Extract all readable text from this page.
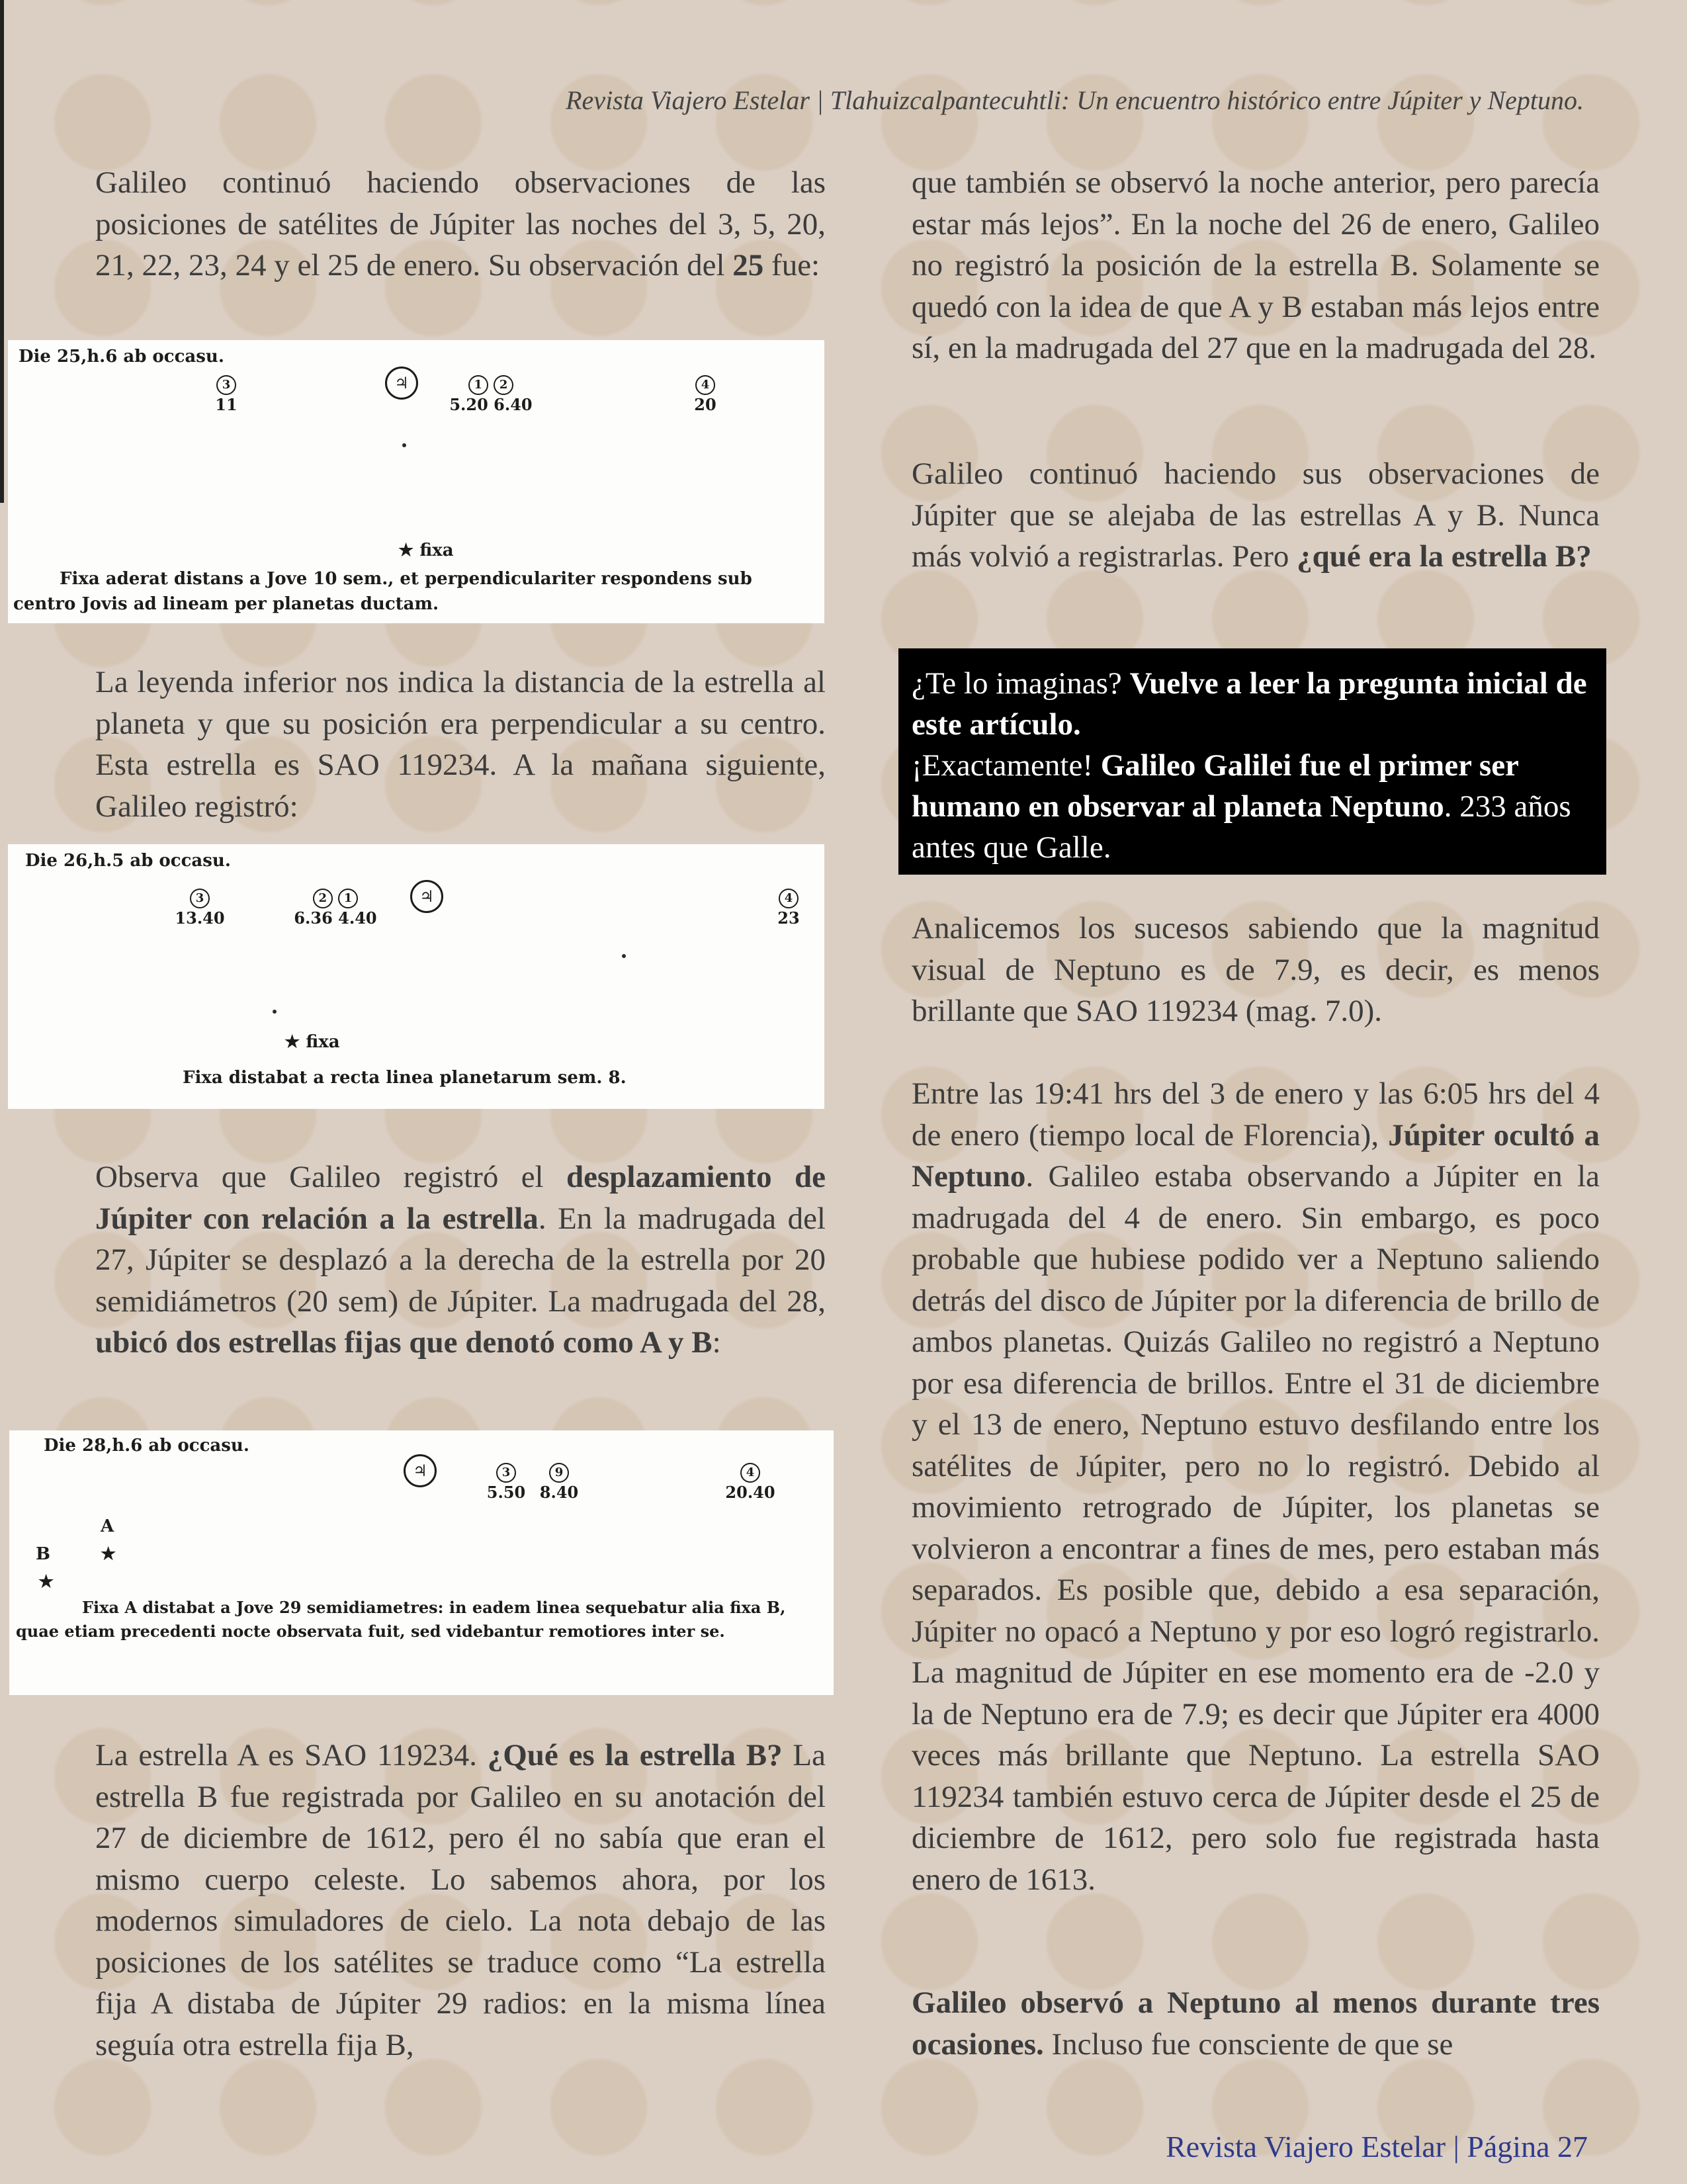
Revista Viajero Estelar | Tlahuizcalpantecuhtli: Un encuentro histórico entre Júpiter y Neptuno.

Galileo continuó haciendo observaciones de las posiciones de satélites de Júpiter las noches del 3, 5, 20, 21, 22, 23, 24 y el 25 de enero. Su observación del 25 fue:

Die 25,h.6 ab occasu.
3
11
♃	1 2
5.20 6.40
4
20
★ fixa
Fixa aderat distans a Jove 10 sem., et perpendiculariter respondens sub centro Jovis ad lineam per planetas ductam.

La leyenda inferior nos indica la distancia de la estrella al planeta y que su posición era perpendicular a su centro. Esta estrella es SAO 119234. A la mañana siguiente, Galileo registró:

Die 26,h.5 ab occasu.
3
13.40
2 1
6.36 4.40
♃	4
23
★ fixa
Fixa distabat a recta linea planetarum sem. 8.

Observa que Galileo registró el desplazamiento de Júpiter con relación a la estrella. En la madrugada del 27, Júpiter se desplazó a la derecha de la estrella por 20 semidiámetros (20 sem) de Júpiter. La madrugada del 28, ubicó dos estrellas fijas que denotó como A y B:

Die 28,h.6 ab occasu.
♃	3
5.50
9
8.40
4
20.40
A
★
B
★
Fixa A distabat a Jove 29 semidiametres: in eadem linea sequebatur alia fixa B, quae etiam precedenti nocte observata fuit, sed videbantur remotiores inter se.

La estrella A es SAO 119234. ¿Qué es la estrella B? La estrella B fue registrada por Galileo en su anotación del 27 de diciembre de 1612, pero él no sabía que eran el mismo cuerpo celeste. Lo sabemos ahora, por los modernos simuladores de cielo. La nota debajo de las posiciones de los satélites se traduce como “La estrella fija A distaba de Júpiter 29 radios: en la misma línea seguía otra estrella fija B,

que también se observó la noche anterior, pero parecía estar más lejos”. En la noche del 26 de enero, Galileo no registró la posición de la estrella B. Solamente se quedó con la idea de que A y B estaban más lejos entre sí, en la madrugada del 27 que en la madrugada del 28.

Galileo continuó haciendo sus observaciones de Júpiter que se alejaba de las estrellas A y B. Nunca más volvió a registrarlas. Pero ¿qué era la estrella B?

¿Te lo imaginas? Vuelve a leer la pregunta inicial de este artículo.
¡Exactamente! Galileo Galilei fue el primer ser humano en observar al planeta Neptuno. 233 años antes que Galle.

Analicemos los sucesos sabiendo que la magnitud visual de Neptuno es de 7.9, es decir, es menos brillante que SAO 119234 (mag. 7.0).

Entre las 19:41 hrs del 3 de enero y las 6:05 hrs del 4 de enero (tiempo local de Florencia), Júpiter ocultó a Neptuno. Galileo estaba observando a Júpiter en la madrugada del 4 de enero. Sin embargo, es poco probable que hubiese podido ver a Neptuno saliendo detrás del disco de Júpiter por la diferencia de brillo de ambos planetas. Quizás Galileo no registró a Neptuno por esa diferencia de brillos. Entre el 31 de diciembre y el 13 de enero, Neptuno estuvo desfilando entre los satélites de Júpiter, pero no lo registró. Debido al movimiento retrogrado de Júpiter, los planetas se volvieron a encontrar a fines de mes, pero estaban más separados. Es posible que, debido a esa separación, Júpiter no opacó a Neptuno y por eso logró registrarlo. La magnitud de Júpiter en ese momento era de -2.0 y la de Neptuno era de 7.9; es decir que Júpiter era 4000 veces más brillante que Neptuno. La estrella SAO 119234 también estuvo cerca de Júpiter desde el 25 de diciembre de 1612, pero solo fue registrada hasta enero de 1613.

Galileo observó a Neptuno al menos durante tres ocasiones. Incluso fue consciente de que se

Revista Viajero Estelar | Página 27
